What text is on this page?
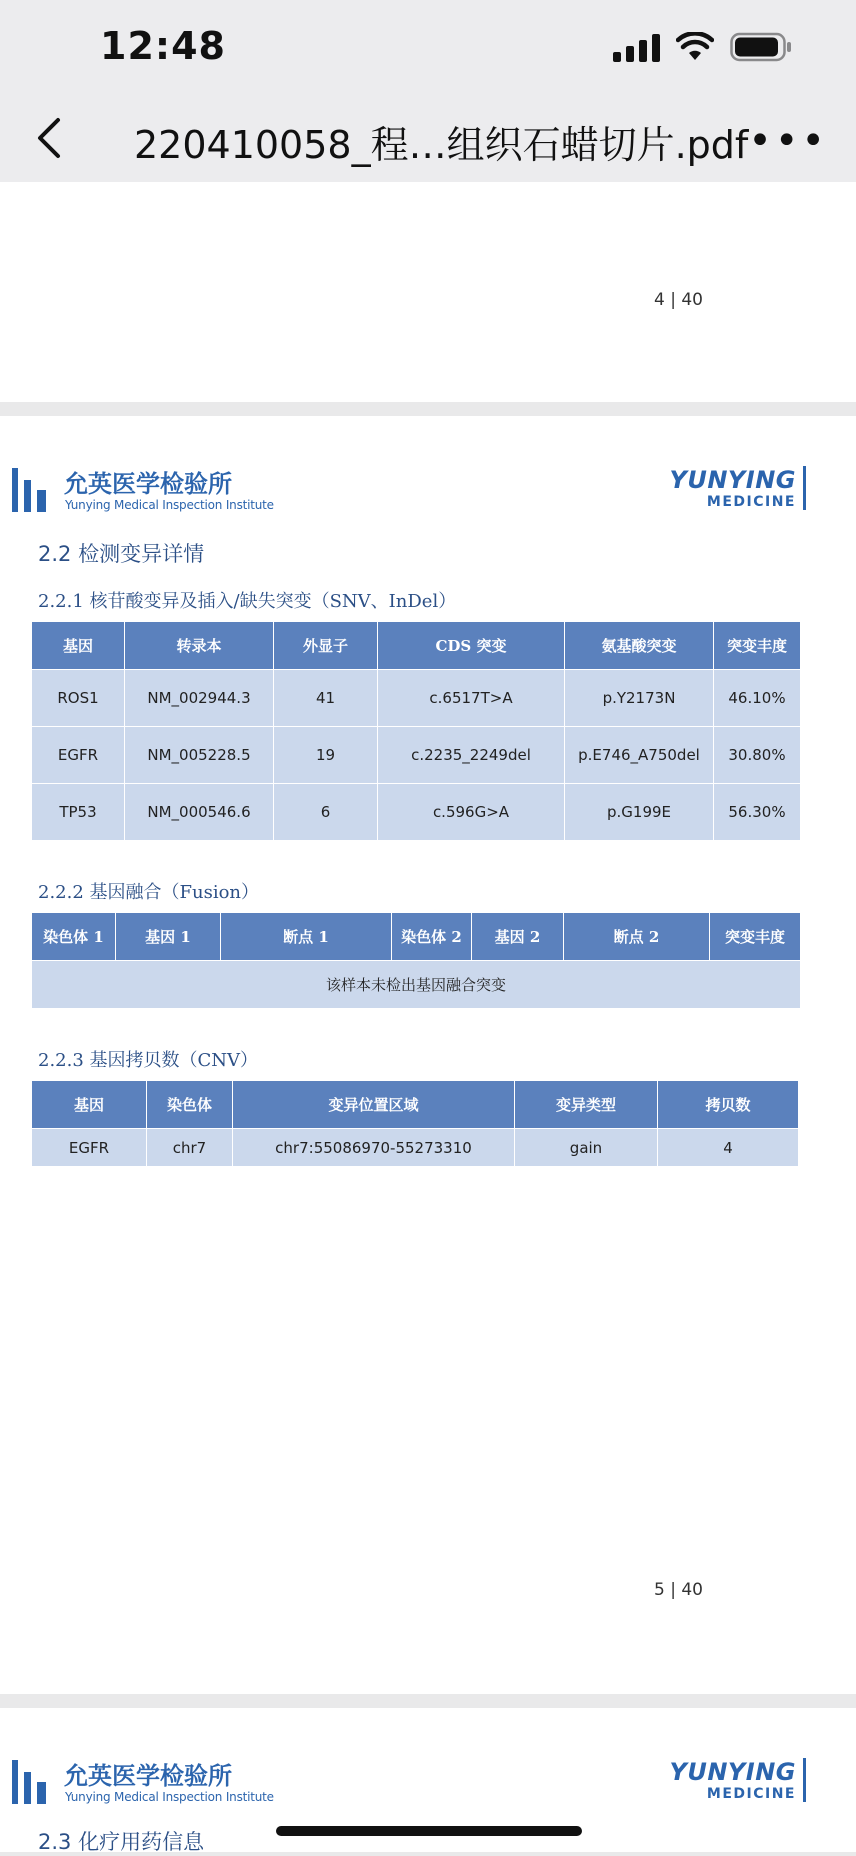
12:48
220410058_程…组织石蜡切片.pdf •••
4 | 40
允英医学检验所
Yunying Medical Inspection Institute
YUNYING
MEDICINE
2.2 检测变异详情
2.2.1 核苷酸变异及插入/缺失突变（SNV、InDel）
基因	转录本	外显子	CDS 突变	氨基酸突变	突变丰度
ROS1	NM_002944.3	41	c.6517T>A	p.Y2173N	46.10%
EGFR	NM_005228.5	19	c.2235_2249del	p.E746_A750del	30.80%
TP53	NM_000546.6	6	c.596G>A	p.G199E	56.30%
2.2.2 基因融合（Fusion）
染色体 1	基因 1	断点 1	染色体 2	基因 2	断点 2	突变丰度
该样本未检出基因融合突变
2.2.3 基因拷贝数（CNV）
基因	染色体	变异位置区域	变异类型	拷贝数
EGFR	chr7	chr7:55086970-55273310	gain	4
5 | 40
允英医学检验所
Yunying Medical Inspection Institute
YUNYING
MEDICINE
2.3 化疗用药信息
